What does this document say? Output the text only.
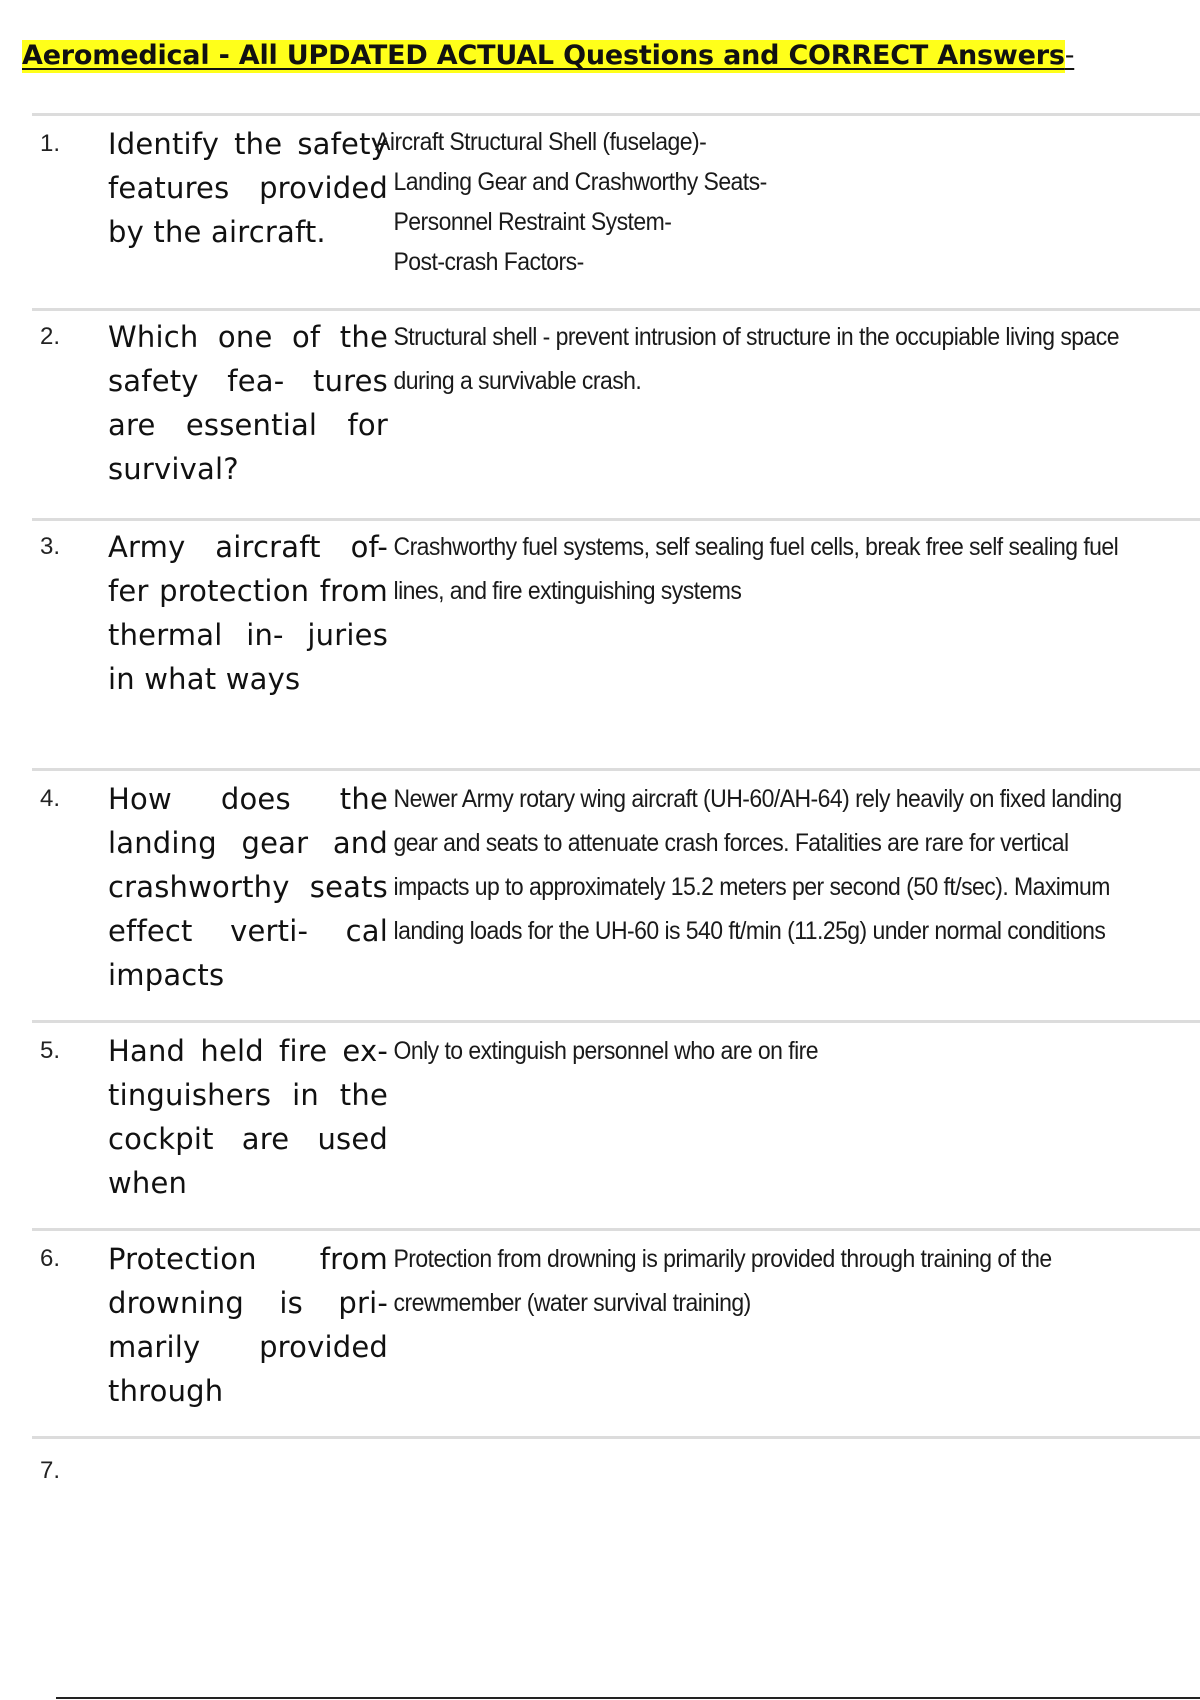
Aeromedical - All UPDATED ACTUAL Questions and CORRECT Answers-
1.	Identify the safety features provided by the aircraft.
Aircraft Structural Shell (fuselage)-
Landing Gear and Crashworthy Seats-
Personnel Restraint System-
Post-crash Factors-
2.	Which one of the safety fea- tures are essential for survival?
Structural shell - prevent intrusion of structure in the occupiable living space during a survivable crash.
3.	Army aircraft of- fer protection from thermal in- juries in what ways
Crashworthy fuel systems, self sealing fuel cells, break free self sealing fuel lines, and fire extinguishing systems
4.	How does the landing gear and crashworthy seats effect verti- cal impacts
Newer Army rotary wing aircraft (UH-60/AH-64) rely heavily on fixed landing gear and seats to attenuate crash forces. Fatalities are rare for vertical impacts up to approximately 15.2 meters per second (50 ft/sec). Maximum landing loads for the UH-60 is 540 ft/min (11.25g) under normal conditions
5.	Hand held fire ex- tinguishers in the cockpit are used when
Only to extinguish personnel who are on fire
6.	Protection from drowning is pri- marily provided through
Protection from drowning is primarily provided through training of the crewmember (water survival training)
7.
